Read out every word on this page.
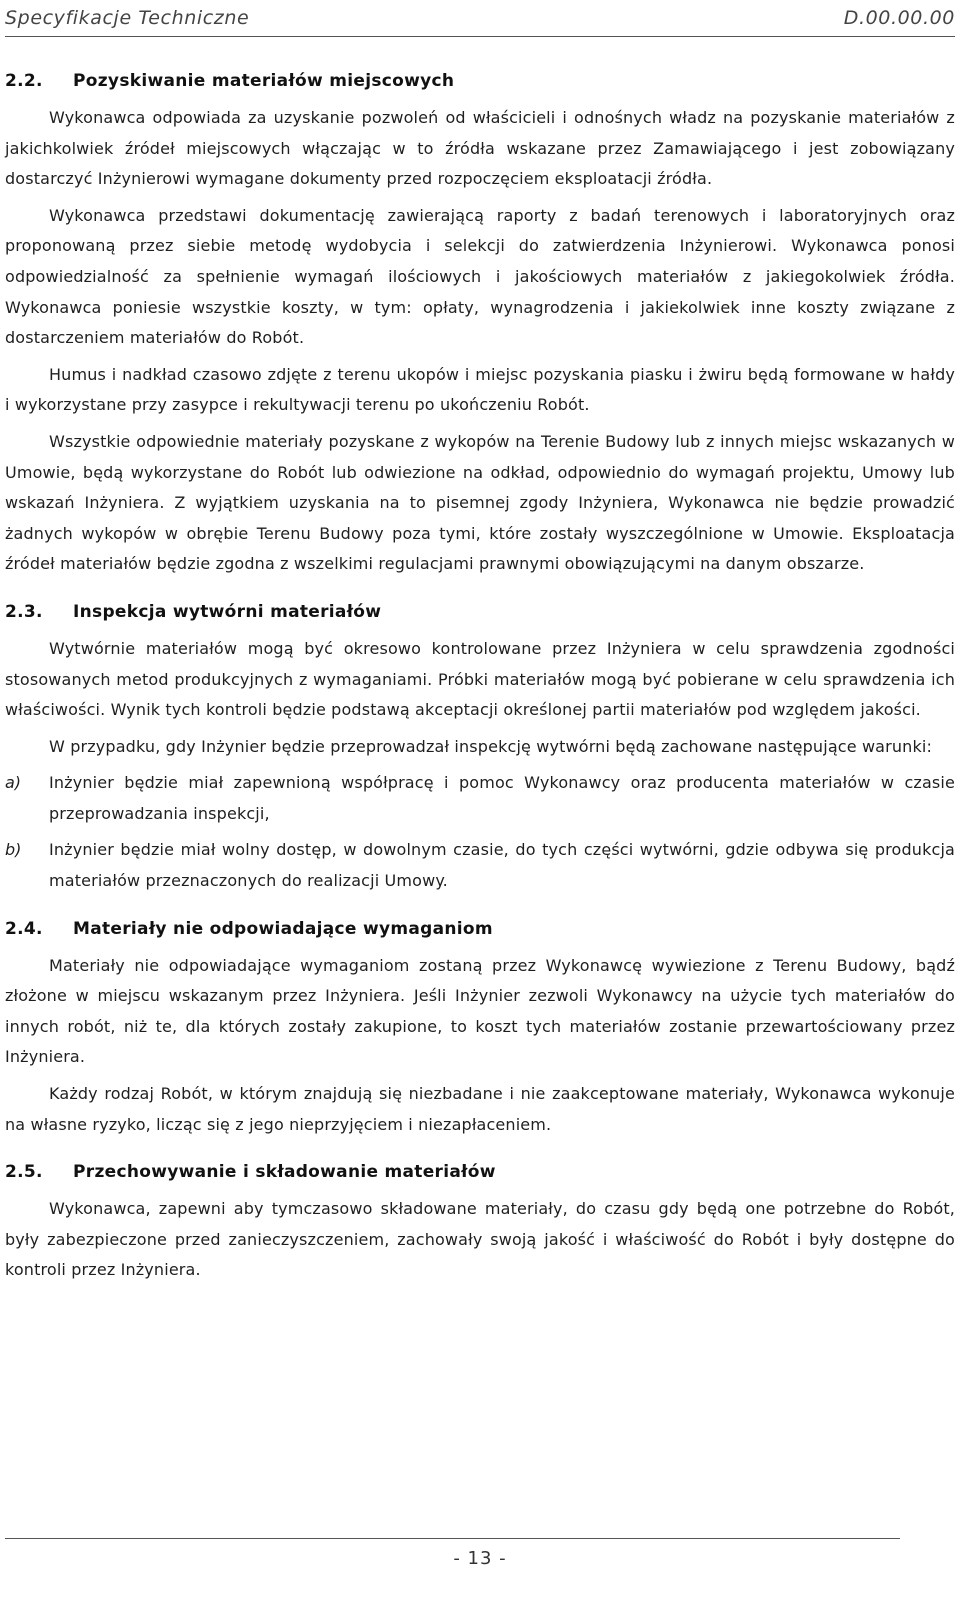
Specyfikacje Techniczne	D.00.00.00
2.2.	Pozyskiwanie materiałów miejscowych

Wykonawca odpowiada za uzyskanie pozwoleń od właścicieli i odnośnych władz na pozyskanie materiałów z jakichkolwiek źródeł miejscowych włączając w to źródła wskazane przez Zamawiającego i jest zobowiązany dostarczyć Inżynierowi wymagane dokumenty przed rozpoczęciem eksploatacji źródła.

Wykonawca przedstawi dokumentację zawierającą raporty z badań terenowych i laboratoryjnych oraz proponowaną przez siebie metodę wydobycia i selekcji do zatwierdzenia Inżynierowi. Wykonawca ponosi odpowiedzialność za spełnienie wymagań ilościowych i jakościowych materiałów z jakiegokolwiek źródła. Wykonawca poniesie wszystkie koszty, w tym: opłaty, wynagrodzenia i jakiekolwiek inne koszty związane z dostarczeniem materiałów do Robót.

Humus i nadkład czasowo zdjęte z terenu ukopów i miejsc pozyskania piasku i żwiru będą formowane w hałdy i wykorzystane przy zasypce i rekultywacji terenu po ukończeniu Robót.

Wszystkie odpowiednie materiały pozyskane z wykopów na Terenie Budowy lub z innych miejsc wskazanych w Umowie, będą wykorzystane do Robót lub odwiezione na odkład, odpowiednio do wymagań projektu, Umowy lub wskazań Inżyniera. Z wyjątkiem uzyskania na to pisemnej zgody Inżyniera, Wykonawca nie będzie prowadzić żadnych wykopów w obrębie Terenu Budowy poza tymi, które zostały wyszczególnione w Umowie. Eksploatacja źródeł materiałów będzie zgodna z wszelkimi regulacjami prawnymi obowiązującymi na danym obszarze.

2.3.	Inspekcja wytwórni materiałów

Wytwórnie materiałów mogą być okresowo kontrolowane przez Inżyniera w celu sprawdzenia zgodności stosowanych metod produkcyjnych z wymaganiami. Próbki materiałów mogą być pobierane w celu sprawdzenia ich właściwości. Wynik tych kontroli będzie podstawą akceptacji określonej partii materiałów pod względem jakości.

W przypadku, gdy Inżynier będzie przeprowadzał inspekcję wytwórni będą zachowane następujące warunki:

a)	Inżynier będzie miał zapewnioną współpracę i pomoc Wykonawcy oraz producenta materiałów w czasie przeprowadzania inspekcji,
b)	Inżynier będzie miał wolny dostęp, w dowolnym czasie, do tych części wytwórni, gdzie odbywa się produkcja materiałów przeznaczonych do realizacji Umowy.
2.4.	Materiały nie odpowiadające wymaganiom

Materiały nie odpowiadające wymaganiom zostaną przez Wykonawcę wywiezione z Terenu Budowy, bądź złożone w miejscu wskazanym przez Inżyniera. Jeśli Inżynier zezwoli Wykonawcy na użycie tych materiałów do innych robót, niż te, dla których zostały zakupione, to koszt tych materiałów zostanie przewartościowany przez Inżyniera.

Każdy rodzaj Robót, w którym znajdują się niezbadane i nie zaakceptowane materiały, Wykonawca wykonuje na własne ryzyko, licząc się z jego nieprzyjęciem i niezapłaceniem.

2.5.	Przechowywanie i składowanie materiałów

Wykonawca, zapewni aby tymczasowo składowane materiały, do czasu gdy będą one potrzebne do Robót, były zabezpieczone przed zanieczyszczeniem, zachowały swoją jakość i właściwość do Robót i były dostępne do kontroli przez Inżyniera.

- 13 -
